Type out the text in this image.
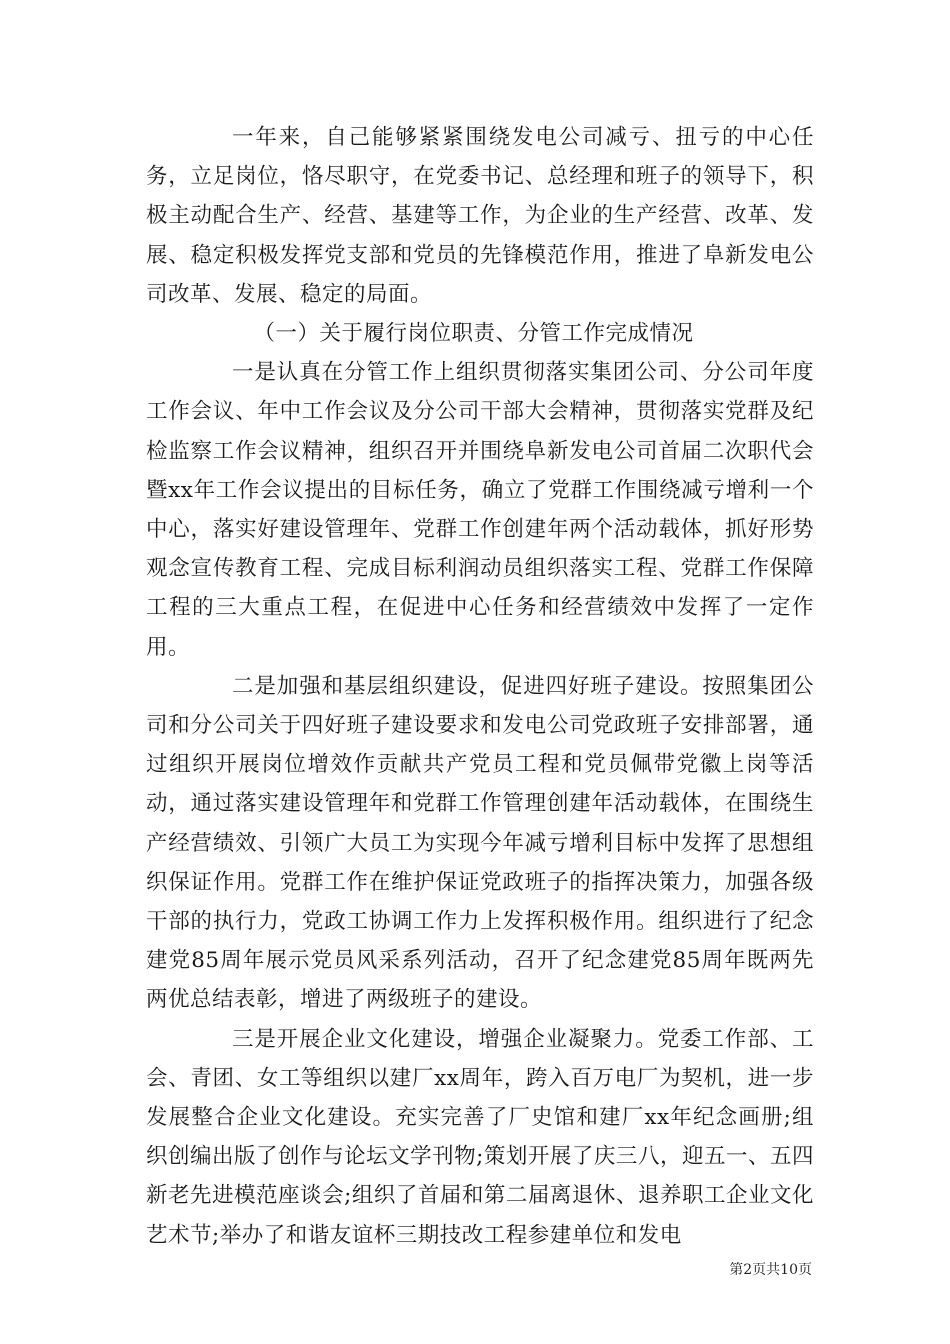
一年来，自己能够紧紧围绕发电公司减亏、扭亏的中心任务，立足岗位，恪尽职守，在党委书记、总经理和班子的领导下，积极主动配合生产、经营、基建等工作，为企业的生产经营、改革、发展、稳定积极发挥党支部和党员的先锋模范作用，推进了阜新发电公司改革、发展、稳定的局面。

（一）关于履行岗位职责、分管工作完成情况

一是认真在分管工作上组织贯彻落实集团公司、分公司年度工作会议、年中工作会议及分公司干部大会精神，贯彻落实党群及纪检监察工作会议精神，组织召开并围绕阜新发电公司首届二次职代会暨xx年工作会议提出的目标任务，确立了党群工作围绕减亏增利一个中心，落实好建设管理年、党群工作创建年两个活动载体，抓好形势观念宣传教育工程、完成目标利润动员组织落实工程、党群工作保障工程的三大重点工程，在促进中心任务和经营绩效中发挥了一定作用。

二是加强和基层组织建设，促进四好班子建设。按照集团公司和分公司关于四好班子建设要求和发电公司党政班子安排部署，通过组织开展岗位增效作贡献共产党员工程和党员佩带党徽上岗等活动，通过落实建设管理年和党群工作管理创建年活动载体，在围绕生产经营绩效、引领广大员工为实现今年减亏增利目标中发挥了思想组织保证作用。党群工作在维护保证党政班子的指挥决策力，加强各级干部的执行力，党政工协调工作力上发挥积极作用。组织进行了纪念建党85周年展示党员风采系列活动，召开了纪念建党85周年既两先两优总结表彰，增进了两级班子的建设。

三是开展企业文化建设，增强企业凝聚力。党委工作部、工会、青团、女工等组织以建厂xx周年，跨入百万电厂为契机，进一步发展整合企业文化建设。充实完善了厂史馆和建厂xx年纪念画册;组织创编出版了创作与论坛文学刊物;策划开展了庆三八，迎五一、五四新老先进模范座谈会;组织了首届和第二届离退休、退养职工企业文化艺术节;举办了和谐友谊杯三期技改工程参建单位和发电

第2页共10页
